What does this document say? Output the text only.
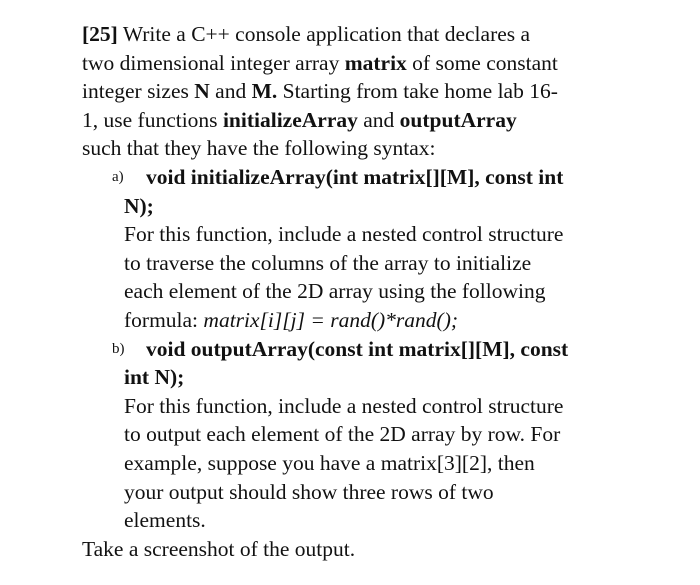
[25] Write a C++ console application that declares a
two dimensional integer array matrix of some constant
integer sizes N and M. Starting from take home lab 16-
1, use functions initializeArray and outputArray
such that they have the following syntax:
a) void initializeArray(int matrix[][M], const int
N);
For this function, include a nested control structure
to traverse the columns of the array to initialize
each element of the 2D array using the following
formula: matrix[i][j] = rand()*rand();
b) void outputArray(const int matrix[][M], const
int N);
For this function, include a nested control structure
to output each element of the 2D array by row. For
example, suppose you have a matrix[3][2], then
your output should show three rows of two
elements.
Take a screenshot of the output.
